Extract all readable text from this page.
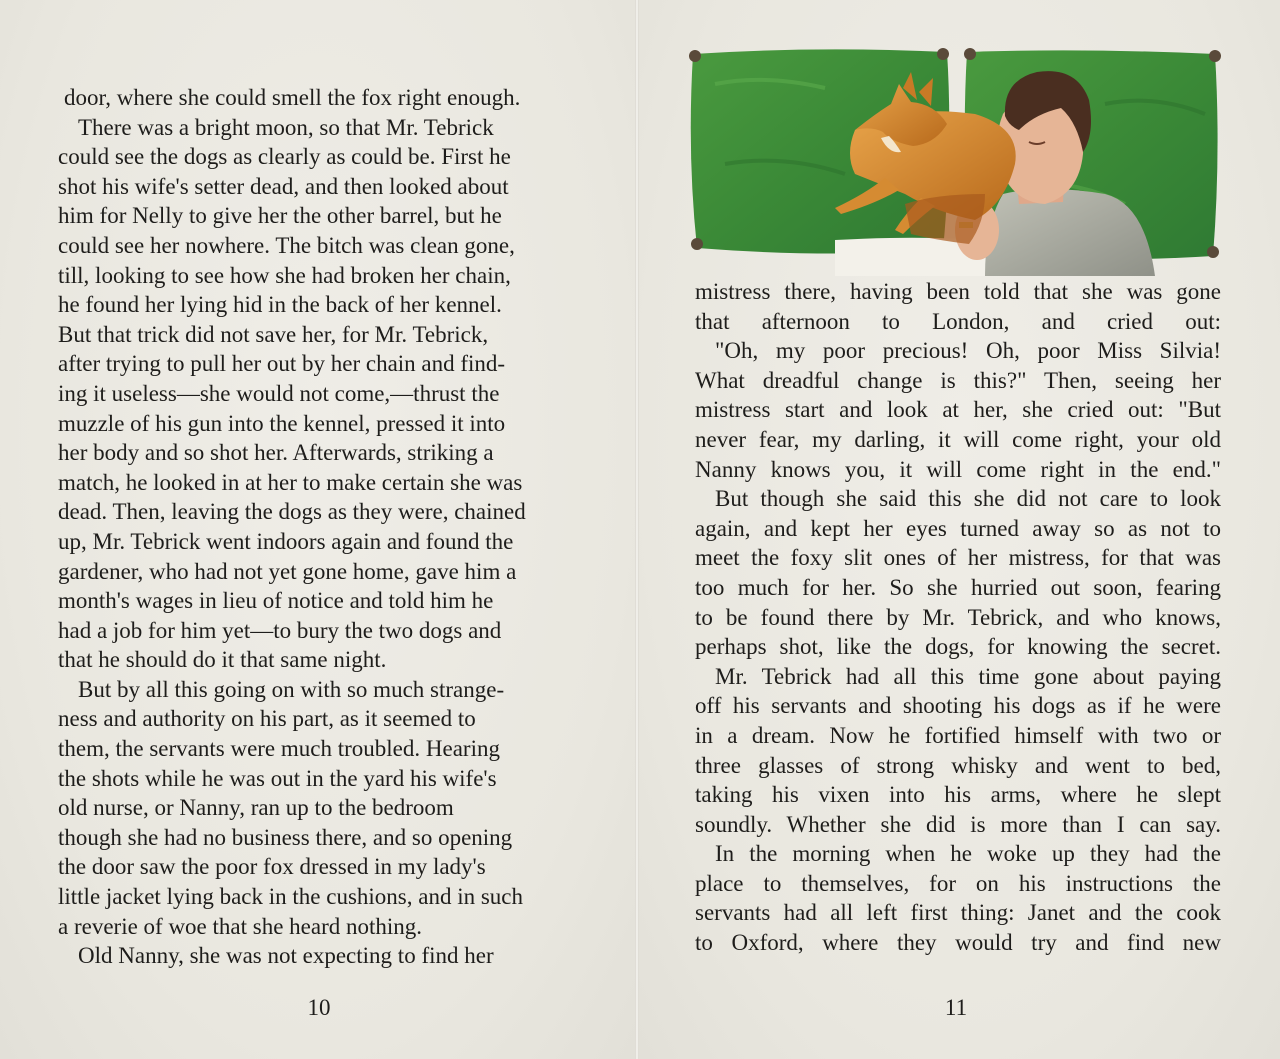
door, where she could smell the fox right enough.
There was a bright moon, so that Mr. Tebrick
could see the dogs as clearly as could be. First he
shot his wife's setter dead, and then looked about
him for Nelly to give her the other barrel, but he
could see her nowhere. The bitch was clean gone,
till, looking to see how she had broken her chain,
he found her lying hid in the back of her kennel.
But that trick did not save her, for Mr. Tebrick,
after trying to pull her out by her chain and find-
ing it useless—she would not come,—thrust the
muzzle of his gun into the kennel, pressed it into
her body and so shot her. Afterwards, striking a
match, he looked in at her to make certain she was
dead. Then, leaving the dogs as they were, chained
up, Mr. Tebrick went indoors again and found the
gardener, who had not yet gone home, gave him a
month's wages in lieu of notice and told him he
had a job for him yet—to bury the two dogs and
that he should do it that same night.
But by all this going on with so much strange-
ness and authority on his part, as it seemed to
them, the servants were much troubled. Hearing
the shots while he was out in the yard his wife's
old nurse, or Nanny, ran up to the bedroom
though she had no business there, and so opening
the door saw the poor fox dressed in my lady's
little jacket lying back in the cushions, and in such
a reverie of woe that she heard nothing.
Old Nanny, she was not expecting to find her
10
mistress there, having been told that she was gone
that afternoon to London, and cried out:
"Oh, my poor precious! Oh, poor Miss Silvia!
What dreadful change is this?" Then, seeing her
mistress start and look at her, she cried out: "But
never fear, my darling, it will come right, your old
Nanny knows you, it will come right in the end."
But though she said this she did not care to look
again, and kept her eyes turned away so as not to
meet the foxy slit ones of her mistress, for that was
too much for her. So she hurried out soon, fearing
to be found there by Mr. Tebrick, and who knows,
perhaps shot, like the dogs, for knowing the secret.
Mr. Tebrick had all this time gone about paying
off his servants and shooting his dogs as if he were
in a dream. Now he fortified himself with two or
three glasses of strong whisky and went to bed,
taking his vixen into his arms, where he slept
soundly. Whether she did is more than I can say.
In the morning when he woke up they had the
place to themselves, for on his instructions the
servants had all left first thing: Janet and the cook
to Oxford, where they would try and find new
11
